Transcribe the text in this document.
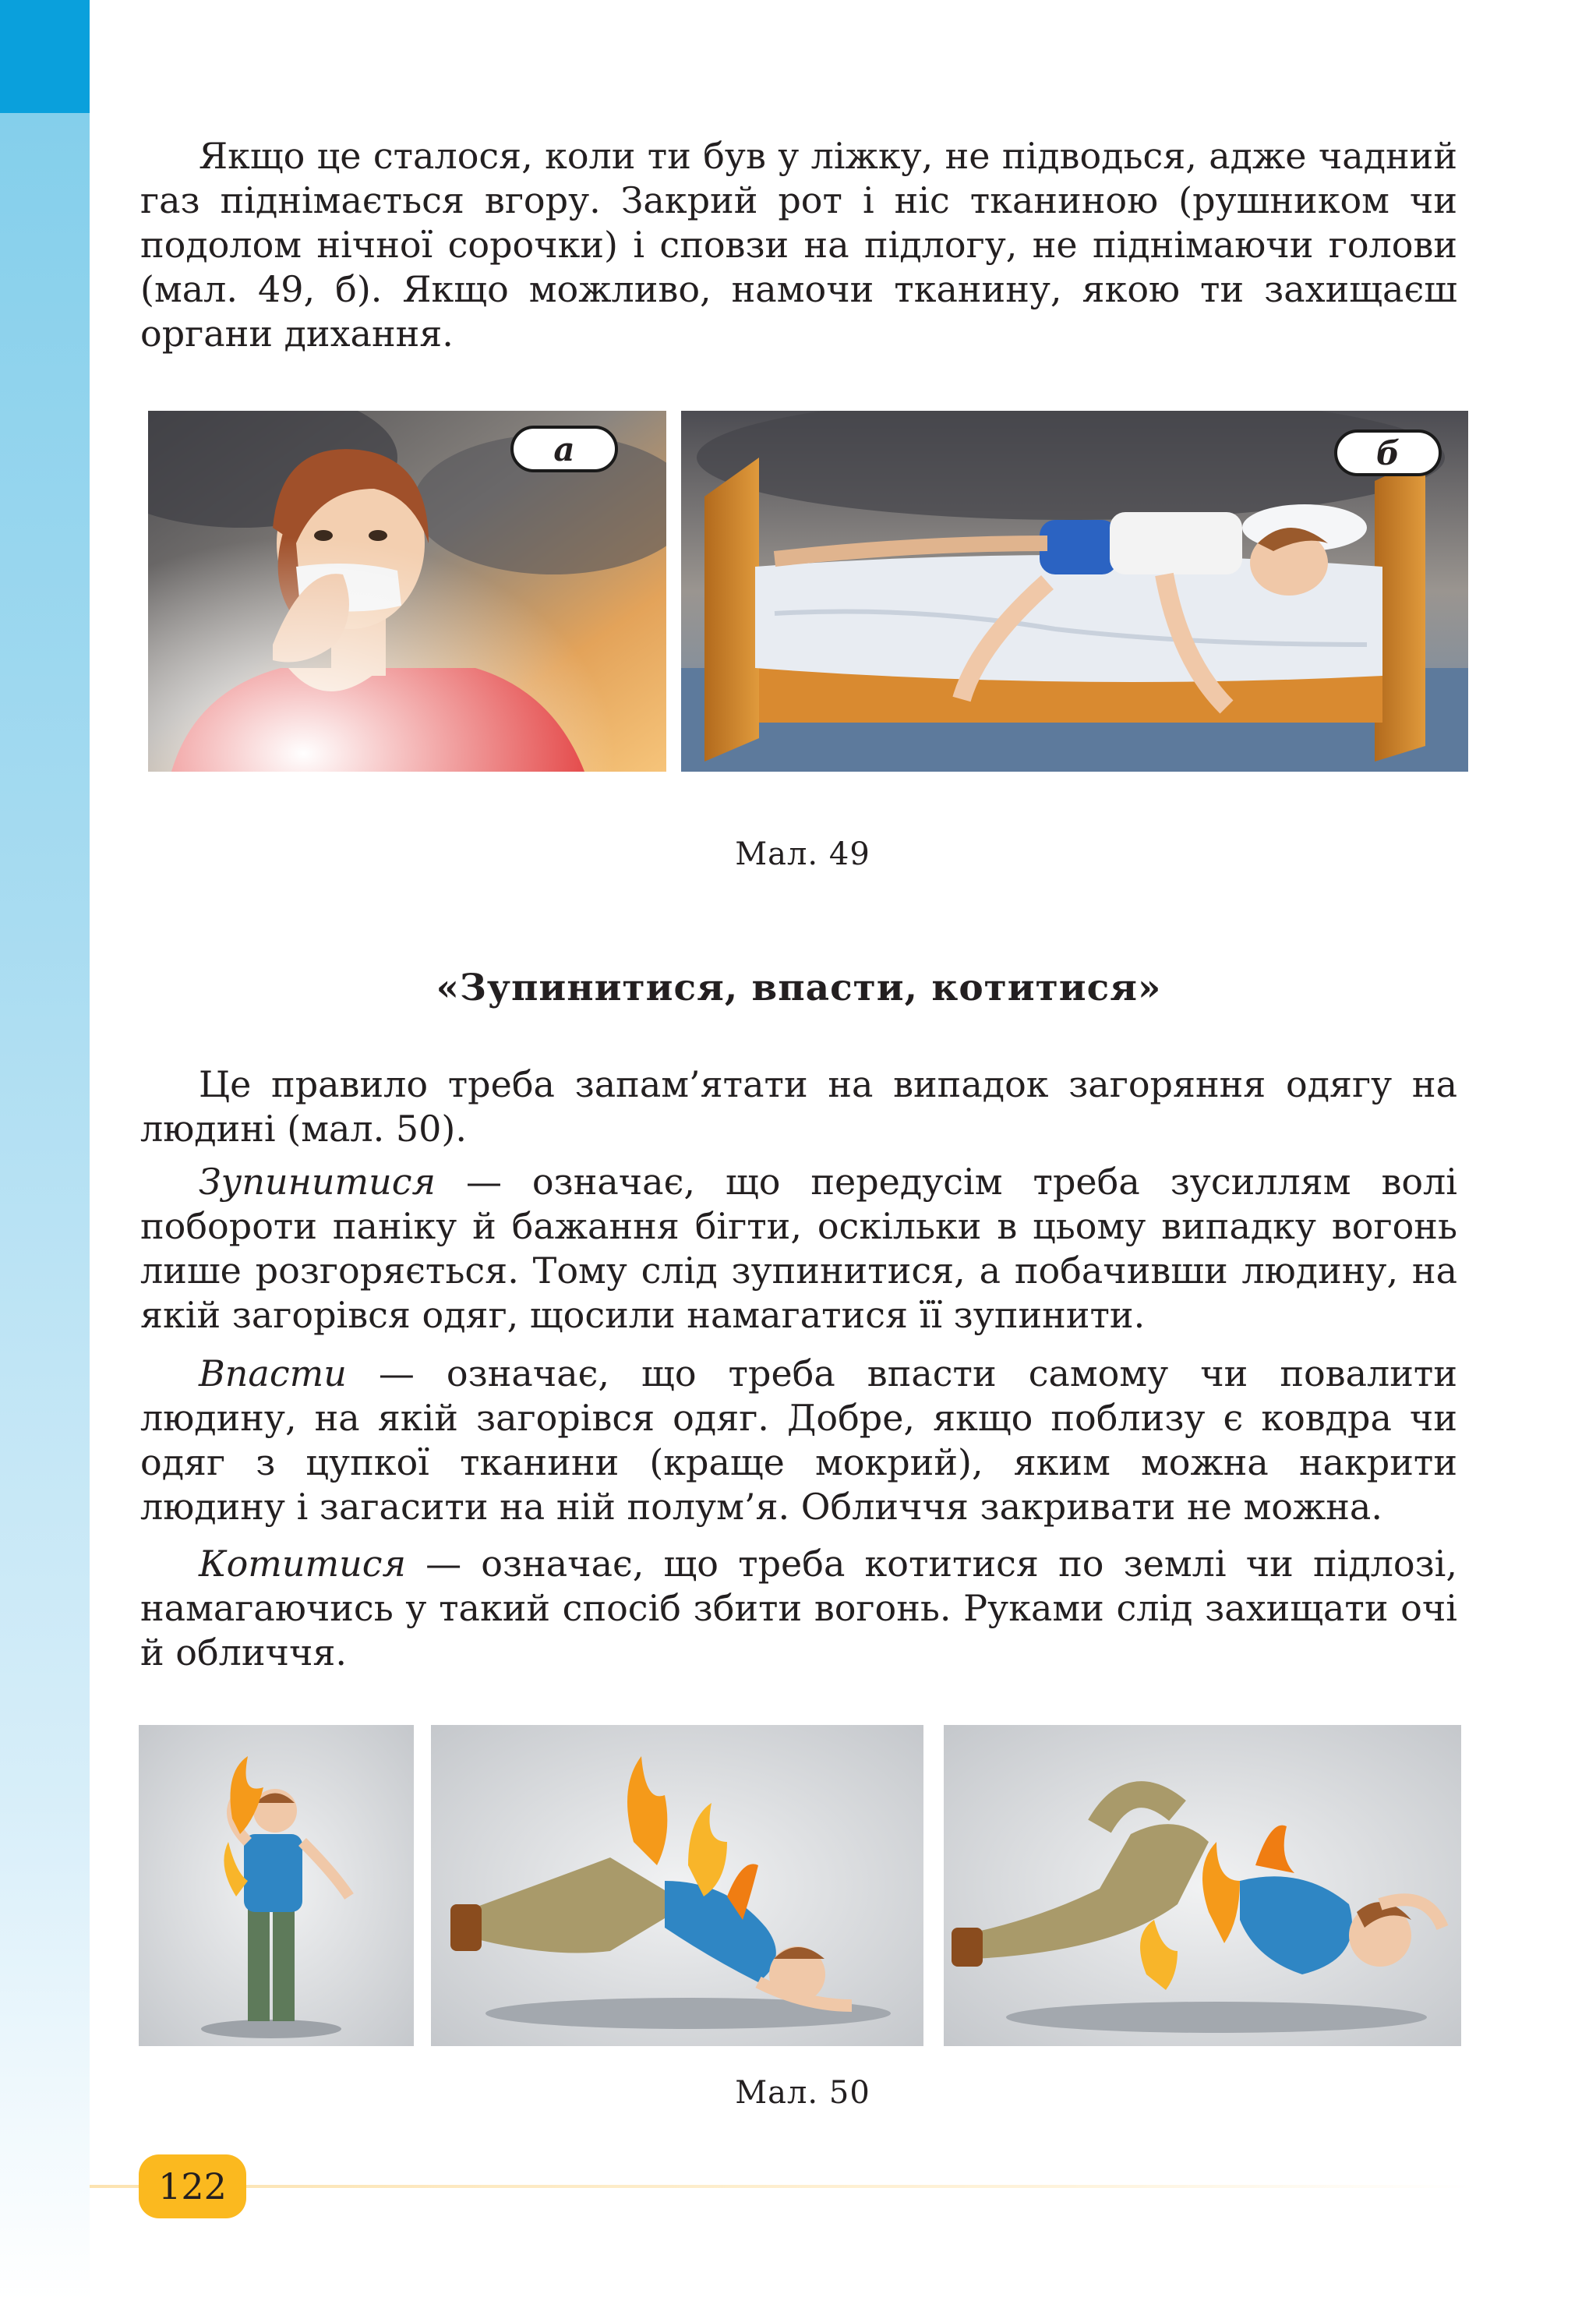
Якщо це сталося, коли ти був у ліжку, не підводься, адже чадний газ піднімається вгору. Закрий рот і ніс тканиною (рушником чи подолом нічної сорочки) і сповзи на підлогу, не піднімаючи голови (мал. 49, б). Якщо можливо, намочи тканину, якою ти захищаєш органи дихання.

а	б
Мал. 49
«Зупинитися, впасти, котитися»

Це правило треба запам’ятати на випадок загоряння одягу на людині (мал. 50).

Зупинитися — означає, що передусім треба зусиллям волі побороти паніку й бажання бігти, оскільки в цьому випадку вогонь лише розгоряється. Тому слід зупинитися, а побачивши людину, на якій загорівся одяг, щосили намагатися її зупинити.

Впасти — означає, що треба впасти самому чи повалити людину, на якій загорівся одяг. Добре, якщо поблизу є ковдра чи одяг з цупкої тканини (краще мокрий), яким можна накрити людину і загасити на ній полум’я. Обличчя закривати не можна.

Котитися — означає, що треба котитися по землі чи підлозі, намагаючись у такий спосіб збити вогонь. Руками слід захищати очі й обличчя.

Мал. 50
122
